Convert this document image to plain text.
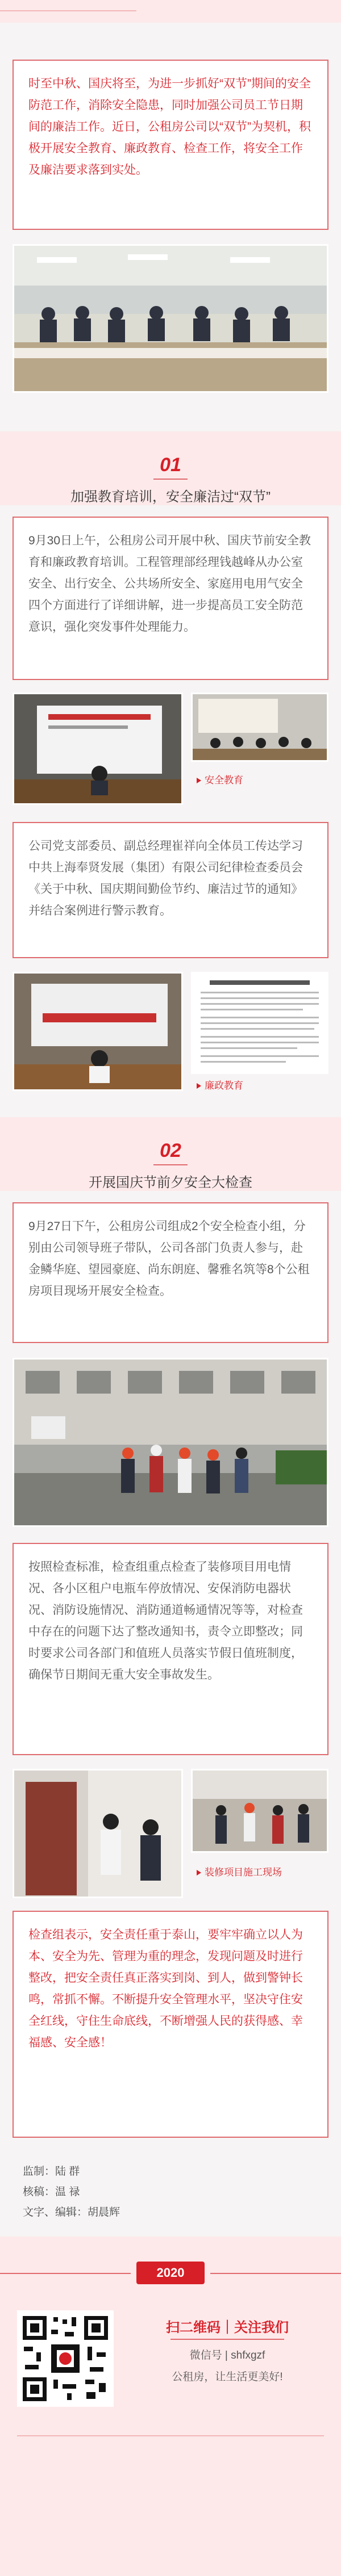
时至中秋、国庆将至，为进一步抓好“双节”期间的安全防范工作，消除安全隐患，同时加强公司员工节日期间的廉洁工作。近日，公租房公司以“双节”为契机，积极开展安全教育、廉政教育、检查工作，将安全工作及廉洁要求落到实处。
01
加强教育培训，安全廉洁过“双节”
9月30日上午，公租房公司开展中秋、国庆节前安全教育和廉政教育培训。工程管理部经理钱越峰从办公室安全、出行安全、公共场所安全、家庭用电用气安全四个方面进行了详细讲解，进一步提高员工安全防范意识，强化突发事件处理能力。
安全教育
公司党支部委员、副总经理崔祥向全体员工传达学习中共上海奉贤发展（集团）有限公司纪律检查委员会《关于中秋、国庆期间勤俭节约、廉洁过节的通知》并结合案例进行警示教育。
廉政教育
02
开展国庆节前夕安全大检查
9月27日下午，公租房公司组成2个安全检查小组，分别由公司领导班子带队，公司各部门负责人参与，赴金鳞华庭、望园豪庭、尚东朗庭、馨雅名筑等8个公租房项目现场开展安全检查。
按照检查标准，检查组重点检查了装修项目用电情况、各小区租户电瓶车停放情况、安保消防电器状况、消防设施情况、消防通道畅通情况等等，对检查中存在的问题下达了整改通知书，责令立即整改；同时要求公司各部门和值班人员落实节假日值班制度，确保节日期间无重大安全事故发生。
装修项目施工现场
检查组表示，安全责任重于泰山，要牢牢确立以人为本、安全为先、管理为重的理念，发现问题及时进行整改，把安全责任真正落实到岗、到人，做到警钟长鸣，常抓不懈。不断提升安全管理水平，坚决守住安全红线，守住生命底线，不断增强人民的获得感、幸福感、安全感！
监制：陆 群
核稿：温 禄
文字、编辑：胡晨辉
2020
扫二维码｜关注我们
微信号 | shfxgzf
公租房，让生活更美好!
